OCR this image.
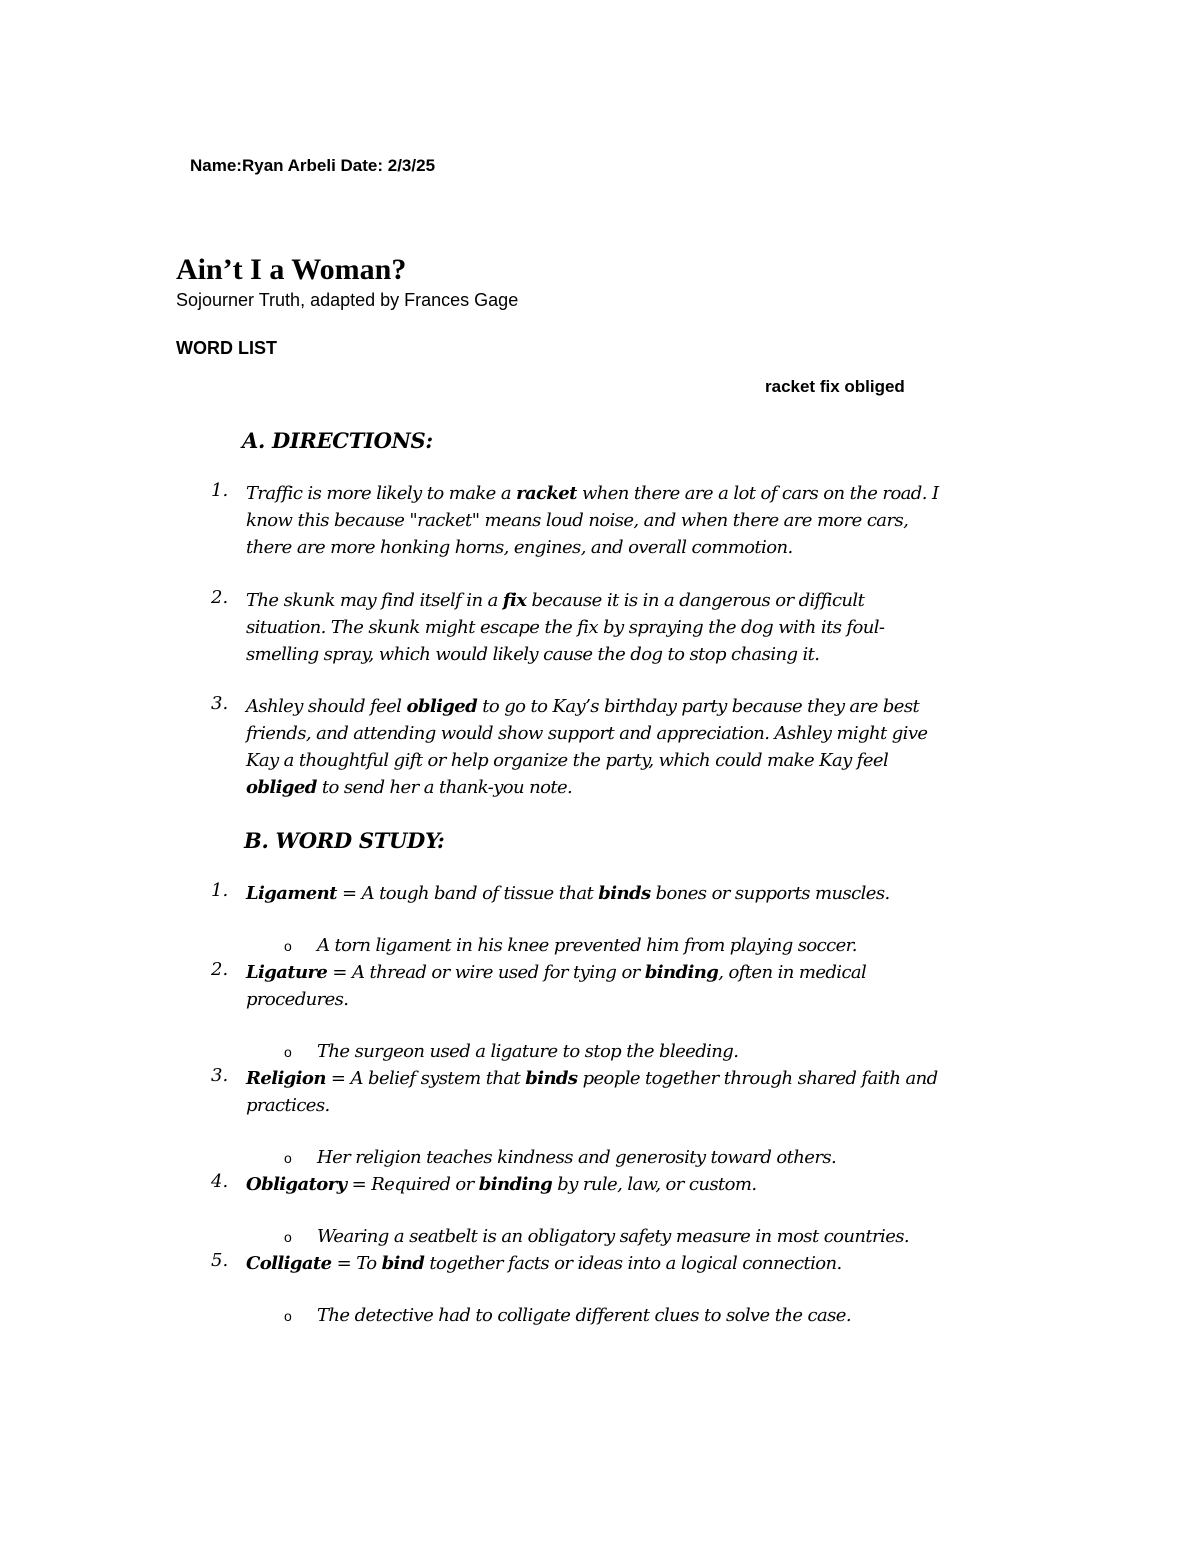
Name:Ryan Arbeli Date: 2/3/25
Ain’t I a Woman?
Sojourner Truth, adapted by Frances Gage
WORD LIST
racket fix obliged
A. DIRECTIONS:
B. WORD STUDY:
1. Traffic is more likely to make a racket when there are a lot of cars on the road. I
know this because "racket" means loud noise, and when there are more cars,
there are more honking horns, engines, and overall commotion.
2. The skunk may find itself in a fix because it is in a dangerous or difficult
situation. The skunk might escape the fix by spraying the dog with its foul-
smelling spray, which would likely cause the dog to stop chasing it.
3. Ashley should feel obliged to go to Kay’s birthday party because they are best
friends, and attending would show support and appreciation. Ashley might give
Kay a thoughtful gift or help organize the party, which could make Kay feel
obliged to send her a thank-you note.
1. Ligament = A tough band of tissue that binds bones or supports muscles.
o A torn ligament in his knee prevented him from playing soccer.
2. Ligature = A thread or wire used for tying or binding, often in medical
procedures.
o The surgeon used a ligature to stop the bleeding.
3. Religion = A belief system that binds people together through shared faith and
practices.
o Her religion teaches kindness and generosity toward others.
4. Obligatory = Required or binding by rule, law, or custom.
o Wearing a seatbelt is an obligatory safety measure in most countries.
5. Colligate = To bind together facts or ideas into a logical connection.
o The detective had to colligate different clues to solve the case.
